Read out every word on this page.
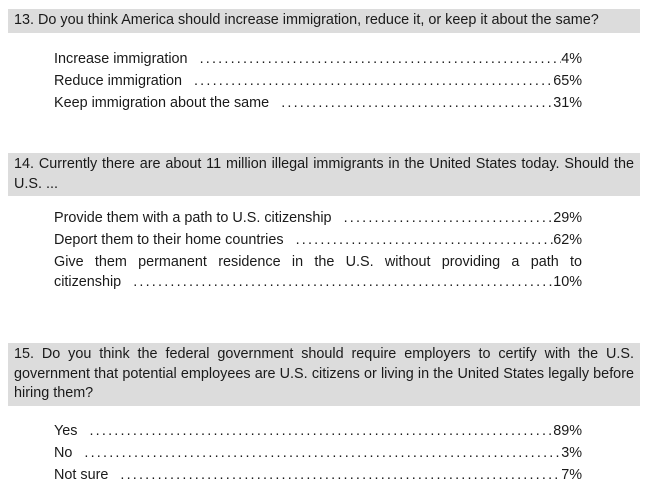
13. Do you think America should increase immigration, reduce it, or keep it about the same?
Increase immigration .....	4%
Reduce immigration .....	65%
Keep immigration about the same .....	31%
14. Currently there are about 11 million illegal immigrants in the United States today. Should the U.S. ...
Provide them with a path to U.S. citizenship .....	29%
Deport them to their home countries .....	62%
Give them permanent residence in the U.S. without providing a path to
citizenship .....	10%
15. Do you think the federal government should require employers to certify with the U.S. government that potential employees are U.S. citizens or living in the United States legally before hiring them?
Yes .....	89%
No .....	3%
Not sure .....	7%
